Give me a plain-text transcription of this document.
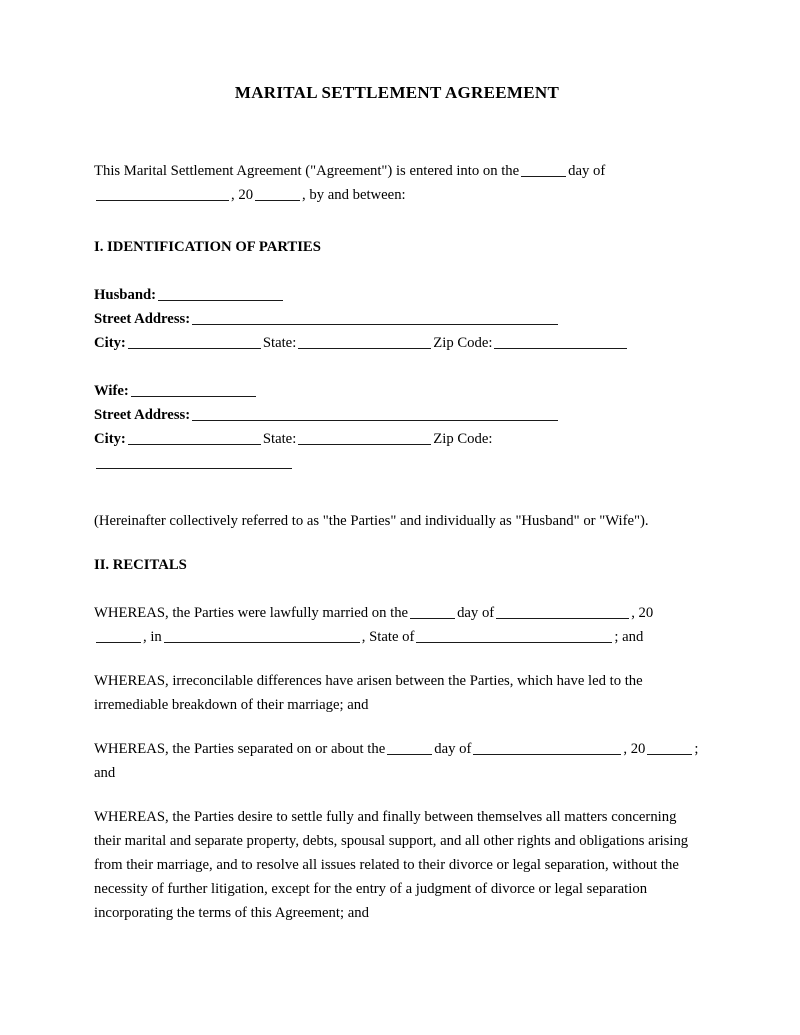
MARITAL SETTLEMENT AGREEMENT

This Marital Settlement Agreement ("Agreement") is entered into on the	day of
, 20	, by and between:

I. IDENTIFICATION OF PARTIES

Husband:

Street Address:

City:	State:	Zip Code:

Wife:

Street Address:

City:	State:	Zip Code:

(Hereinafter collectively referred to as "the Parties" and individually as "Husband" or "Wife").

II. RECITALS

WHEREAS, the Parties were lawfully married on the	day of	, 20
, in	, State of	; and

WHEREAS, irreconcilable differences have arisen between the Parties, which have led to the irremediable breakdown of their marriage; and

WHEREAS, the Parties separated on or about the	day of	, 20	; and

WHEREAS, the Parties desire to settle fully and finally between themselves all matters concerning their marital and separate property, debts, spousal support, and all other rights and obligations arising from their marriage, and to resolve all issues related to their divorce or legal separation, without the necessity of further litigation, except for the entry of a judgment of divorce or legal separation incorporating the terms of this Agreement; and
